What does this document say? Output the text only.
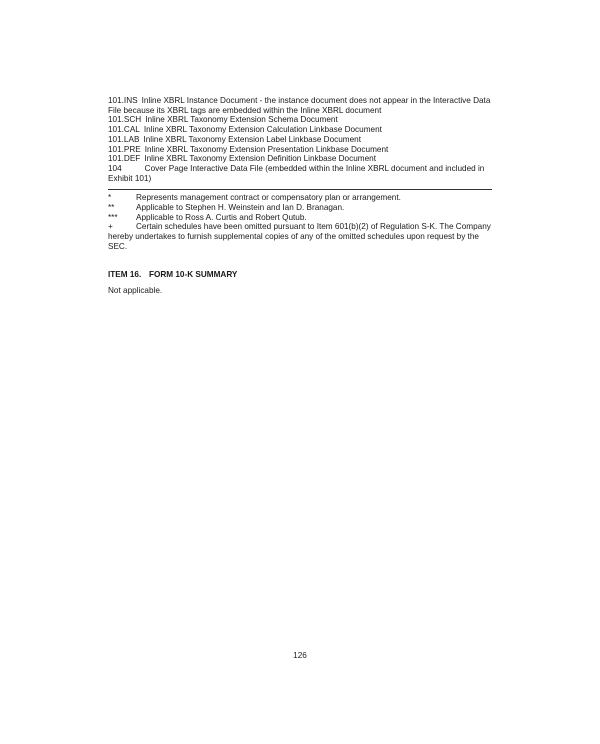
101.INS Inline XBRL Instance Document - the instance document does not appear in the Interactive Data File because its XBRL tags are embedded within the Inline XBRL document
101.SCH Inline XBRL Taxonomy Extension Schema Document
101.CAL Inline XBRL Taxonomy Extension Calculation Linkbase Document
101.LAB Inline XBRL Taxonomy Extension Label Linkbase Document
101.PRE Inline XBRL Taxonomy Extension Presentation Linkbase Document
101.DEF Inline XBRL Taxonomy Extension Definition Linkbase Document
104	Cover Page Interactive Data File (embedded within the Inline XBRL document and included in Exhibit 101)
*	Represents management contract or compensatory plan or arrangement.
**	Applicable to Stephen H. Weinstein and Ian D. Branagan.
*** Applicable to Ross A. Curtis and Robert Qutub.
+	Certain schedules have been omitted pursuant to Item 601(b)(2) of Regulation S-K. The Company hereby undertakes to furnish supplemental copies of any of the omitted schedules upon request by the SEC.
ITEM 16. FORM 10-K SUMMARY
Not applicable.
126
